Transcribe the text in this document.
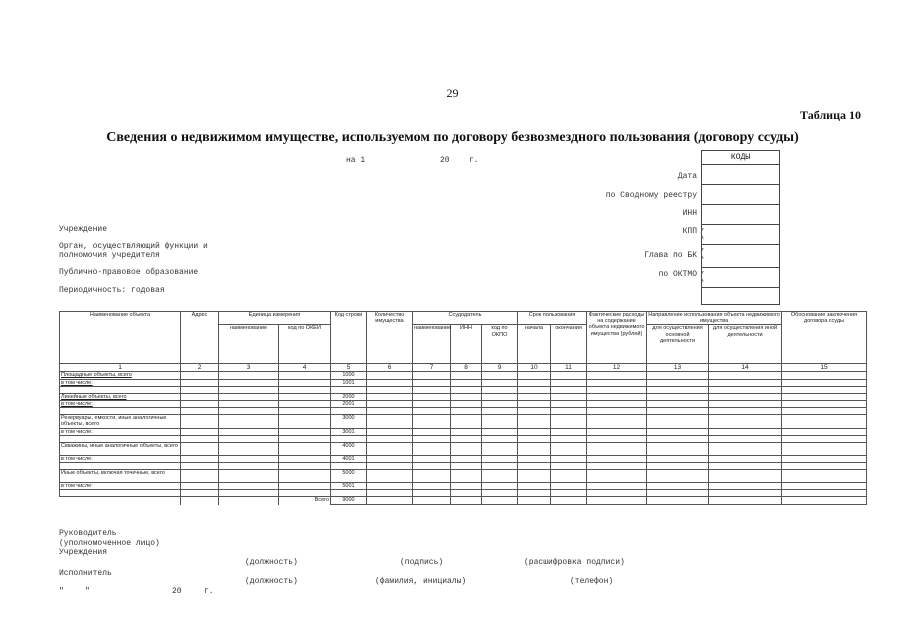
29
Таблица 10
Сведения о недвижимом имуществе, используемом по договору безвозмездного пользования (договору ссуды)
на 1	20 г.
Дата
по Сводному реестру
ИНН
КПП
Глава по БК
по ОКТМО
КОДЫ
(
(
(
Учреждение
Орган, осуществляющий функции и
полномочия учредителя
Публично-правовое образование
Периодичность: годовая
Наименование объекта	Адрес	Единица измерения		Код строки	Количество имущества	Ссудодатель			Срок пользования		Фактические расходы на содержание объекта недвижимого имущества (рублей)	Направление использования объекта недвижимого имущества		Обоснование заключения договора ссуды
		наименование	код по ОКЕИ			наименование	ИНН	код по ОКПО	начала	окончания		для осуществления основной деятельности	для осуществления иной деятельности	
1	2	3	4	5	6	7	8	9	10	11	12	13	14	15
Площадные объекты, всего				1000										
в том числе:				1001										

Линейные объекты, всего				2000										
в том числе:				2001										

Резервуары, емкости, иные аналогичные объекты, всего				3000										
в том числе:				3001										

Скважины, иные аналогичные объекты, всего				4000										
в том числе:				4001										

Иные объекты, включая точечные, всего				5000										
в том числе:				5001										

			Всего	9000										
Руководитель
(уполномоченное лицо)
Учреждения
(должность)	(подпись)	(расшифровка подписи)
Исполнитель
(должность)	(фамилия, инициалы)	(телефон)
"	"	20	г.
